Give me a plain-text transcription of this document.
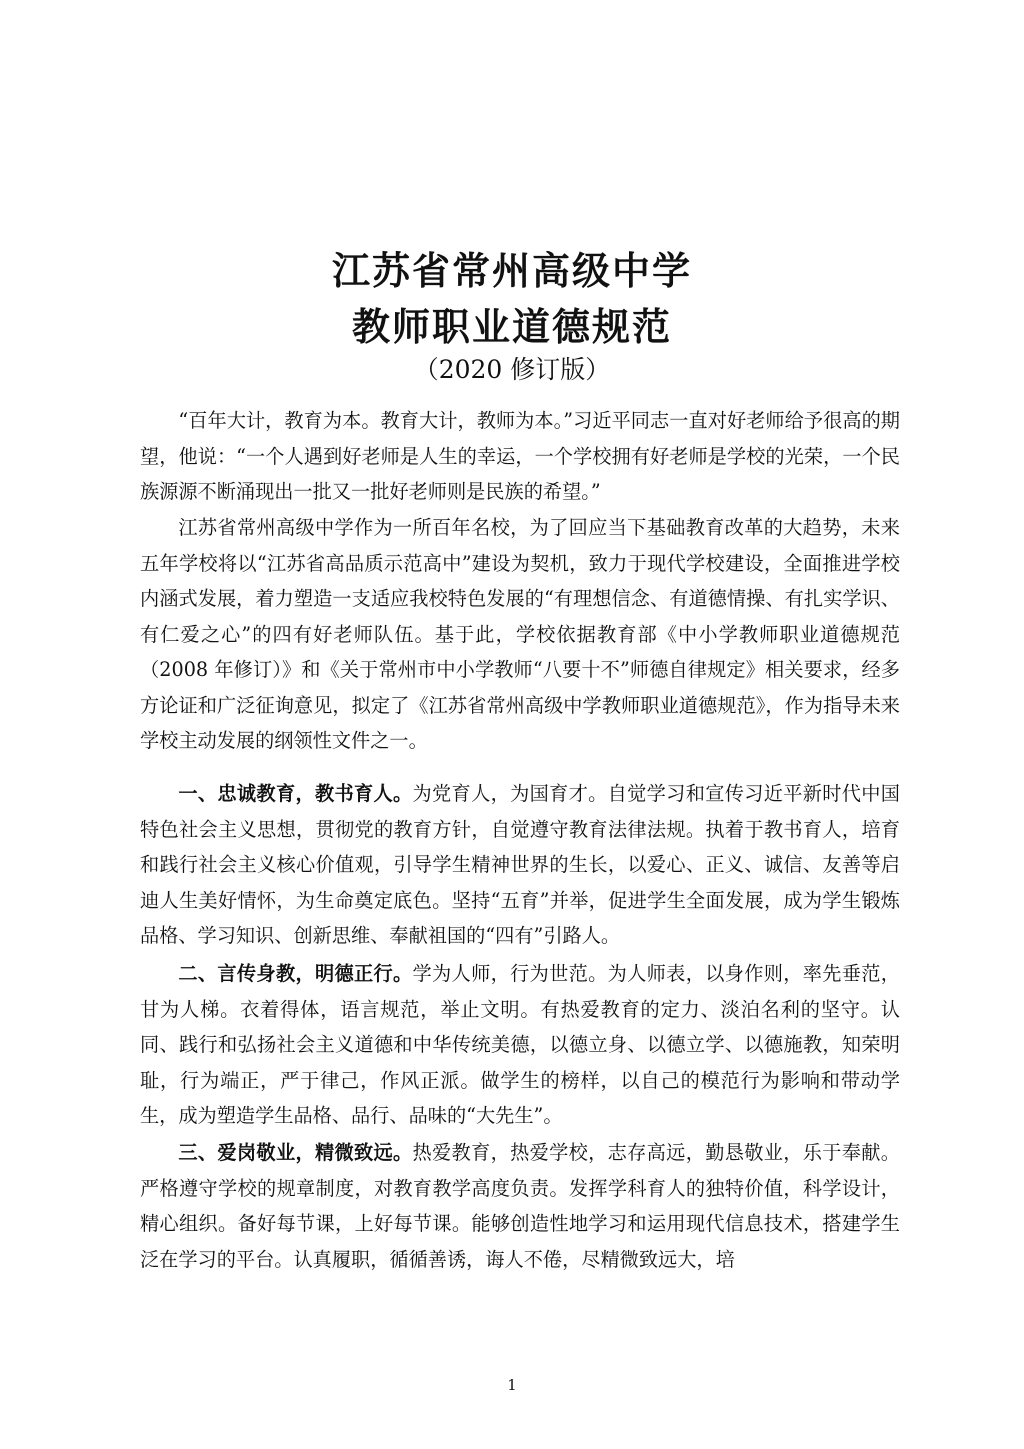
江苏省常州高级中学
教师职业道德规范
（2020 修订版）

“百年大计，教育为本。教育大计，教师为本。”习近平同志一直对好老师给予很高的期望，他说：“一个人遇到好老师是人生的幸运，一个学校拥有好老师是学校的光荣，一个民族源源不断涌现出一批又一批好老师则是民族的希望。”

江苏省常州高级中学作为一所百年名校，为了回应当下基础教育改革的大趋势，未来五年学校将以“江苏省高品质示范高中”建设为契机，致力于现代学校建设，全面推进学校内涵式发展，着力塑造一支适应我校特色发展的“有理想信念、有道德情操、有扎实学识、有仁爱之心”的四有好老师队伍。基于此，学校依据教育部《中小学教师职业道德规范 （2008 年修订）》和《关于常州市中小学教师“八要十不”师德自律规定》相关要求，经多方论证和广泛征询意见，拟定了《江苏省常州高级中学教师职业道德规范》，作为指导未来学校主动发展的纲领性文件之一。

一、忠诚教育，教书育人。为党育人，为国育才。自觉学习和宣传习近平新时代中国特色社会主义思想，贯彻党的教育方针，自觉遵守教育法律法规。执着于教书育人，培育和践行社会主义核心价值观，引导学生精神世界的生长，以爱心、正义、诚信、友善等启迪人生美好情怀，为生命奠定底色。坚持“五育”并举，促进学生全面发展，成为学生锻炼品格、学习知识、创新思维、奉献祖国的“四有”引路人。

二、言传身教，明德正行。学为人师，行为世范。为人师表，以身作则，率先垂范，甘为人梯。衣着得体，语言规范，举止文明。有热爱教育的定力、淡泊名利的坚守。认同、践行和弘扬社会主义道德和中华传统美德，以德立身、以德立学、以德施教，知荣明耻，行为端正，严于律己，作风正派。做学生的榜样，以自己的模范行为影响和带动学生，成为塑造学生品格、品行、品味的“大先生”。

三、爱岗敬业，精微致远。热爱教育，热爱学校，志存高远，勤恳敬业，乐于奉献。严格遵守学校的规章制度，对教育教学高度负责。发挥学科育人的独特价值，科学设计，精心组织。备好每节课，上好每节课。能够创造性地学习和运用现代信息技术，搭建学生泛在学习的平台。认真履职，循循善诱，诲人不倦，尽精微致远大，培

1
